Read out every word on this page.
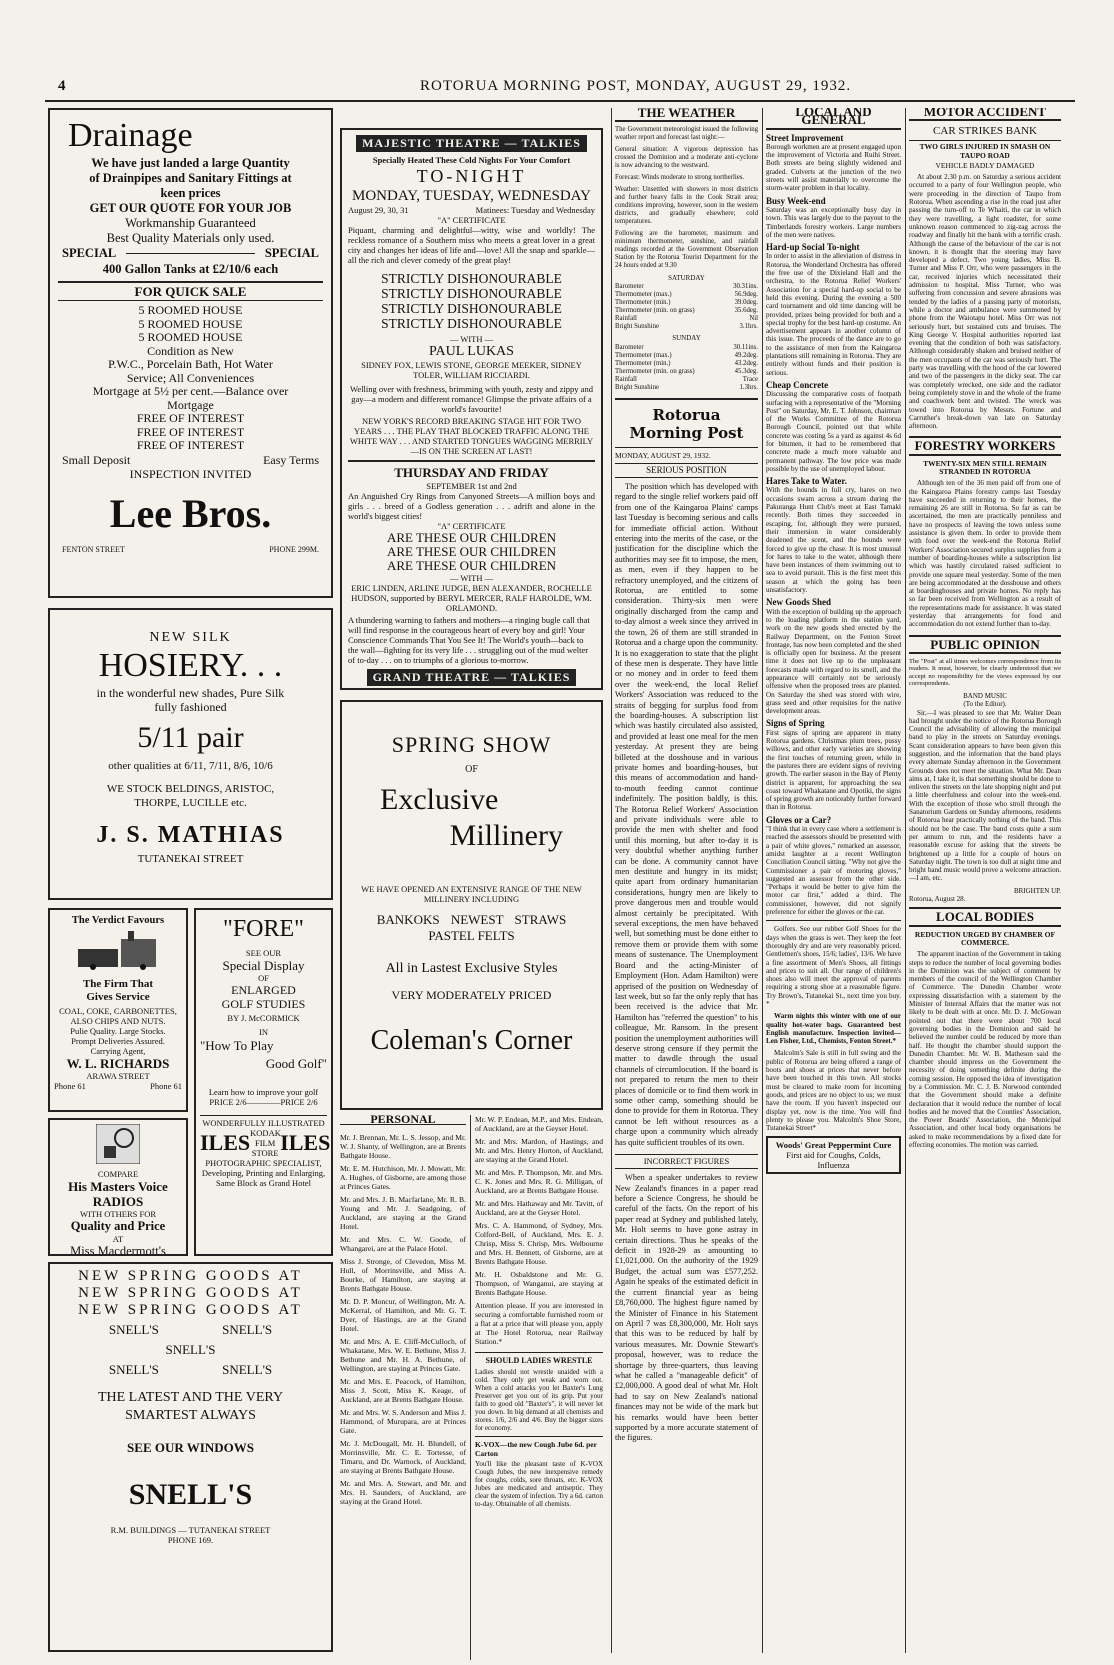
4	ROTORUA MORNING POST, MONDAY, AUGUST 29, 1932.
Drainage
We have just landed a large Quantity
of Drainpipes and Sanitary Fittings at
keen prices
GET OUR QUOTE FOR YOUR JOB
Workmanship Guaranteed
Best Quality Materials only used.
SPECIAL	SPECIAL
400 Gallon Tanks at £2/10/6 each
FOR QUICK SALE
5 ROOMED HOUSE
5 ROOMED HOUSE
5 ROOMED HOUSE
Condition as New
P.W.C., Porcelain Bath, Hot Water
Service; All Conveniences
Mortgage at 5½ per cent.—Balance over
Mortgage
FREE OF INTEREST
FREE OF INTEREST
FREE OF INTEREST
Small Deposit	Easy Terms
INSPECTION INVITED
Lee Bros.
FENTON STREET	PHONE 299M.
NEW SILK
HOSIERY. . .
in the wonderful new shades, Pure Silk
fully fashioned
5/11 pair
other qualities at 6/11, 7/11, 8/6, 10/6
WE STOCK BELDINGS, ARISTOC,
THORPE, LUCILLE etc.
J. S. MATHIAS
TUTANEKAI STREET
The Verdict Favours
The Firm That
Gives Service
COAL, COKE, CARBONETTES, ALSO CHIPS AND NUTS.
Pulie Quality. Large Stocks.
Prompt Deliveries Assured.
Carrying Agent,
W. L. RICHARDS
ARAWA STREET
Phone 61	Phone 61
COMPARE
His Masters Voice
RADIOS
WITH OTHERS FOR
Quality and Price
AT
Miss Macdermott's
"FORE"
SEE OUR
Special Display
OF
ENLARGED
GOLF STUDIES
BY J. McCORMICK
IN
"How To Play
Good Golf"
Learn how to improve your golf
PRICE 2/6————PRICE 2/6
WONDERFULLY ILLUSTRATED
ILES KODAK FILM STORE ILES
PHOTOGRAPHIC SPECIALIST,
Developing, Printing and Enlarging,
Same Block as Grand Hotel
NEW SPRING GOODS AT
NEW SPRING GOODS AT
NEW SPRING GOODS AT
SNELL'S SNELL'S
SNELL'S
SNELL'S SNELL'S
THE LATEST AND THE VERY
SMARTEST ALWAYS
SEE OUR WINDOWS
SNELL'S
R.M. BUILDINGS — TUTANEKAI STREET
PHONE 169.
MAJESTIC THEATRE — TALKIES
Specially Heated These Cold Nights For Your Comfort
TO-NIGHT
MONDAY, TUESDAY, WEDNESDAY
August 29, 30, 31	Matinees: Tuesday and Wednesday
"A" CERTIFICATE
Piquant, charming and delightful—witty, wise and worldly! The reckless romance of a Southern miss who meets a great lover in a great city and changes her ideas of life and—love! All the snap and sparkle—all the rich and clever comedy of the great play!
STRICTLY DISHONOURABLE
STRICTLY DISHONOURABLE
STRICTLY DISHONOURABLE
STRICTLY DISHONOURABLE
— WITH —
PAUL LUKAS
SIDNEY FOX, LEWIS STONE, GEORGE MEEKER, SIDNEY TOLER, WILLIAM RICCIARDI.
Welling over with freshness, brimming with youth, zesty and zippy and gay—a modern and different romance! Glimpse the private affairs of a world's favourite!
NEW YORK'S RECORD BREAKING STAGE HIT FOR TWO YEARS . . . THE PLAY THAT BLOCKED TRAFFIC ALONG THE WHITE WAY . . . AND STARTED TONGUES WAGGING MERRILY—IS ON THE SCREEN AT LAST!
THURSDAY AND FRIDAY
SEPTEMBER 1st and 2nd
An Anguished Cry Rings from Canyoned Streets—A million boys and girls . . . breed of a Godless generation . . . adrift and alone in the world's biggest cities!
"A" CERTIFICATE
ARE THESE OUR CHILDREN
ARE THESE OUR CHILDREN
ARE THESE OUR CHILDREN
— WITH —
ERIC LINDEN, ARLINE JUDGE, BEN ALEXANDER, ROCHELLE HUDSON, supported by BERYL MERCER, RALF HAROLDE, WM. ORLAMOND.
A thundering warning to fathers and mothers—a ringing bugle call that will find response in the courageous heart of every boy and girl! Your Conscience Commands That You See It! The World's youth—back to the wall—fighting for its very life . . . struggling out of the mud welter of to-day . . . on to triumphs of a glorious to-morrow.
GRAND THEATRE — TALKIES
SPRING SHOW
OF
Exclusive
Millinery
WE HAVE OPENED AN EXTENSIVE RANGE OF THE NEW
MILLINERY INCLUDING
BANKOKS NEWEST STRAWS
PASTEL FELTS
All in Lastest Exclusive Styles
VERY MODERATELY PRICED
Coleman's Corner
PERSONAL

Mr. J. Brennan, Mr. L. S. Jessop, and Mr. W. J. Shanty, of Wellington, are at Brents Bathgate House.

Mr. E. M. Hutchison, Mr. J. Mowatt, Mr. A. Hughes, of Gisborne, are among those at Princes Gates.

Mr. and Mrs. J. B. Macfarlane, Mr. R. B. Young and Mr. J. Seadgoing, of Auckland, are staying at the Grand Hotel.

Mr. and Mrs. C. W. Goode, of Whangarei, are at the Palace Hotel.

Miss J. Stronge, of Clevedon, Miss M. Hull, of Morrinsville, and Miss A. Bourke, of Hamilton, are staying at Brents Bathgate House.

Mr. D. P. Moncur, of Wellington, Mr. A. McKerral, of Hamilton, and Mr. G. T. Dyer, of Hastings, are at the Grand Hotel.

Mr. and Mrs. A. E. Cliff-McCulloch, of Whakatane, Mrs. W. E. Bethune, Miss J. Bethune and Mr. H. A. Bethune, of Wellington, are staying at Princes Gate.

Mr. and Mrs. E. Peacock, of Hamilton, Miss J. Scott, Miss K. Keage, of Auckland, are at Brents Bathgate House.

Mr. and Mrs. W. S. Anderson and Miss J. Hammond, of Murupara, are at Princes Gate.

Mr. J. McDougall, Mr. H. Blundell, of Morrinsville, Mr. C. E. Tortesse, of Timaru, and Dr. Warnock, of Auckland, are staying at Brents Bathgate House.

Mr. and Mrs. A. Stewart, and Mr. and Mrs. H. Saunders, of Auckland, are staying at the Grand Hotel.

Mr. W. P. Endean, M.P., and Mrs. Endean, of Auckland, are at the Geyser Hotel.

Mr. and Mrs. Mardon, of Hastings, and Mr. and Mrs. Henry Horton, of Auckland, are staying at the Grand Hotel.

Mr. and Mrs. P. Thompson, Mr. and Mrs. C. K. Jones and Mrs. R. G. Milligan, of Auckland, are at Brents Bathgate House.

Mr. and Mrs. Hathaway and Mr. Tavitt, of Auckland, are at the Geyser Hotel.

Mrs. C. A. Hammond, of Sydney, Mrs. Colford-Bell, of Auckland, Mrs. E. J. Chrisp, Miss S. Chrisp, Mrs. Welbourne and Mrs. H. Bennett, of Gisborne, are at Brents Bathgate House.

Mr. H. Osbaldstone and Mr. G. Thompson, of Wanganui, are staying at Brents Bathgate House.

Attention please. If you are interested in securing a comfortable furnished room or a flat at a price that will please you, apply at The Hotel Rotorua, near Railway Station.*

SHOULD LADIES WRESTLE

Ladies should not wrestle unaided with a cold. They only get weak and worn out. When a cold attacks you let Baxter's Lung Preserver get you out of its grip. Put your faith to good old "Baxter's", it will never let you down. In big demand at all chemists and stores. 1/6, 2/6 and 4/6. Buy the bigger sizes for economy.

K-VOX—the new Cough Jube 6d. per Carton

You'll like the pleasant taste of K-VOX Cough Jubes, the new inexpensive remedy for coughs, colds, sore throats, etc. K-VOX Jubes are medicated and antiseptic. They clear the system of infection. Try a 6d. carton to-day. Obtainable of all chemists.

THE WEATHER

The Government meteorologist issued the following weather report and forecast last night:—

General situation: A vigorous depression has crossed the Dominion and a moderate anti-cyclone is now advancing to the westward.

Forecast: Winds moderate to strong northerlies.

Weather: Unsettled with showers in most districts and further heavy falls in the Cook Strait area; conditions improving, however, soon in the western districts, and gradually elsewhere; cold temperatures.

Following are the barometer, maximum and minimum thermometer, sunshine, and rainfall readings recorded at the Government Observation Station by the Rotorua Tourist Department for the 24 hours ended at 9.30

SATURDAY
Barometer	30.31ins.
Thermometer (max.)	56.9deg.
Thermometer (min.)	39.0deg.
Thermometer (min. on grass)	35.6deg.
Rainfall	Nil
Bright Sunshine	3.1hrs.
SUNDAY
Barometer	30.11ins.
Thermometer (max.)	49.2deg.
Thermometer (min.)	43.2deg.
Thermometer (min. on grass)	45.3deg.
Rainfall	Trace
Bright Sunshine	1.3hrs.
Rotorua Morning Post
MONDAY, AUGUST 29, 1932.
SERIOUS POSITION

The position which has developed with regard to the single relief workers paid off from one of the Kaingaroa Plains' camps last Tuesday is becoming serious and calls for immediate official action. Without entering into the merits of the case, or the justification for the discipline which the authorities may see fit to impose, the men, as men, even if they happen to be refractory unemployed, and the citizens of Rotorua, are entitled to some consideration. Thirty-six men were originally discharged from the camp and to-day almost a week since they arrived in the town, 26 of them are still stranded in Rotorua and a charge upon the community. It is no exaggeration to state that the plight of these men is desperate. They have little or no money and in order to feed them over the week-end, the local Relief Workers' Association was reduced to the straits of begging for surplus food from the boarding-houses. A subscription list which was hastily circulated also assisted, and provided at least one meal for the men yesterday. At present they are being billeted at the dosshouse and in various private homes and boarding-houses, but this means of accommodation and hand-to-mouth feeding cannot continue indefinitely. The position baldly, is this. The Rotorua Relief Workers' Association and private individuals were able to provide the men with shelter and food until this morning, but after to-day it is very doubtful whether anything further can be done. A community cannot have men destitute and hungry in its midst; quite apart from ordinary humanitarian considerations, hungry men are likely to prove dangerous men and trouble would almost certainly be precipitated. With several exceptions, the men have behaved well, but something must be done either to remove them or provide them with some means of sustenance. The Unemployment Board and the acting-Minister of Employment (Hon. Adam Hamilton) were apprised of the position on Wednesday of last week, but so far the only reply that has been received is the advice that Mr. Hamilton has "referred the question" to his colleague, Mr. Ransom. In the present position the unemployment authorities will deserve strong censure if they permit the matter to dawdle through the usual channels of circumlocution. If the board is not prepared to return the men to their places of domicile or to find them work in some other camp, something should be done to provide for them in Rotorua. They cannot be left without resources as a charge upon a community which already has quite sufficient troubles of its own.

INCORRECT FIGURES

When a speaker undertakes to review New Zealand's finances in a paper read before a Science Congress, he should be careful of the facts. On the report of his paper read at Sydney and published lately, Mr. Holt seems to have gone astray in certain directions. Thus he speaks of the deficit in 1928-29 as amounting to £1,021,000. On the authority of the 1929 Budget, the actual sum was £577,252. Again he speaks of the estimated deficit in the current financial year as being £8,760,000. The highest figure named by the Minister of Finance in his Statement on April 7 was £8,300,000, Mr. Holt says that this was to be reduced by half by various measures. Mr. Downie Stewart's proposal, however, was to reduce the shortage by three-quarters, thus leaving what he called a "manageable deficit" of £2,000,000. A good deal of what Mr. Holt had to say on New Zealand's national finances may not be wide of the mark but his remarks would have been better supported by a more accurate statement of the figures.

LOCAL AND GENERAL
Street Improvement

Borough workmen are at present engaged upon the improvement of Victoria and Ruihi Street. Both streets are being slightly widened and graded. Culverts at the junction of the two streets will assist materially to overcome the storm-water problem in that locality.

Busy Week-end

Saturday was an exceptionally busy day in town. This was largely due to the payout to the Timberlands forestry workers. Large numbers of the men were natives.

Hard-up Social To-night

In order to assist in the alleviation of distress in Rotorua, the Wonderland Orchestra has offered the free use of the Dixieland Hall and the orchestra, to the Rotorua Relief Workers' Association for a special hard-up social to be held this evening. During the evening a 500 card tournament and old time dancing will be provided, prizes being provided for both and a special trophy for the best hard-up costume. An advertisement appears in another column of this issue. The proceeds of the dance are to go to the assistance of men from the Kaingaroa plantations still remaining in Rotorua. They are entirely without funds and their position is serious.

Cheap Concrete

Discussing the comparative costs of footpath surfacing with a representative of the "Morning Post" on Saturday, Mr. E. T. Johnson, chairman of the Works Committee of the Rotorua Borough Council, pointed out that while concrete was costing 5s a yard as against 4s 6d for bitumen, it had to be remembered that concrete made a much more valuable and permanent pathway. The low price was made possible by the use of unemployed labour.

Hares Take to Water.

With the hounds in full cry, hares on two occasions swam across a stream during the Pakuranga Hunt Club's meet at East Tamaki recently. Both times they succeeded in escaping, for, although they were pursued, their immersion in water considerably deadened the scent, and the hounds were forced to give up the chase. It is most unusual for hares to take to the water, although there have been instances of them swimming out to sea to avoid pursuit. This is the first meet this season at which the going has been unsatisfactory.

New Goods Shed

With the exception of building up the approach to the loading platform in the station yard, work on the new goods shed erected by the Railway Department, on the Fenton Street frontage, has now been completed and the shed is officially open for business. At the present time it does not live up to the unpleasant forecasts made with regard to its smell, and the appearance will certainly not be seriously offensive when the proposed trees are planted. On Saturday the shed was stored with wire, grass seed and other requisites for the native development areas.

Signs of Spring

First signs of spring are apparent in many Rotorua gardens. Christmas plum trees, pussy willows, and other early varieties are showing the first touches of returning green, while in the pastures there are evident signs of reviving growth. The earlier season in the Bay of Plenty district is apparent, for approaching the sea coast toward Whakatane and Opotiki, the signs of spring growth are noticeably further forward than in Rotorua.

Gloves or a Car?

"I think that in every case where a settlement is reached the assessors should be presented with a pair of white gloves," remarked an assessor, amidst laughter at a recent Wellington Conciliation Council sitting. "Why not give the Commissioner a pair of motoring gloves," suggested an assessor from the other side. "Perhaps it would be better to give him the motor car first," added a third. The commissioner, however, did not signify preference for either the gloves or the car.

Golfers. See our rubber Golf Shoes for the days when the grass is wet. They keep the feet thoroughly dry and are very reasonably priced. Gentlemen's shoes, 15/6; ladies', 13/6. We have a fine assortment of Men's Shoes, all fittings and prices to suit all. Our range of children's shoes also will meet the approval of parents requiring a strong shoe at a reasonable figure. Try Brown's, Tutanekai St., next time you buy. *

Warm nights this winter with one of our quality hot-water bags. Guaranteed best English manufacture. Inspection invited—Len Fisher, Ltd., Chemists, Fenton Street.*

Malcolm's Sale is still in full swing and the public of Rotorua are being offered a range of boots and shoes at prices that never before have been touched in this town. All stocks must be cleared to make room for incoming goods, and prices are no object to us; we must have the room. If you haven't inspected our display yet, now is the time. You will find plenty to please you. Malcolm's Shoe Store, Tutanekai Street*

Woods' Great Peppermint Cure
First aid for Coughs, Colds,
Influenza
MOTOR ACCIDENT
CAR STRIKES BANK
TWO GIRLS INJURED IN SMASH ON TAUPO ROAD
VEHICLE BADLY DAMAGED

At about 2.30 p.m. on Saturday a serious accident occurred to a party of four Wellington people, who were proceeding in the direction of Taupo from Rotorua. When ascending a rise in the road just after passing the turn-off to Te Whaiti, the car in which they were travelling, a light roadster, for some unknown reason commenced to zig-zag across the roadway and finally hit the bank with a terrific crash. Although the cause of the behaviour of the car is not known, it is thought that the steering may have developed a defect. Two young ladies, Miss B. Turner and Miss P. Orr, who were passengers in the car, received injuries which necessitated their admission to hospital. Miss Turner, who was suffering from concussion and severe abrasions was tended by the ladies of a passing party of motorists, while a doctor and ambulance were summoned by phone from the Waiotapu hotel. Miss Orr was not seriously hurt, but sustained cuts and bruises. The King George V. Hospital authorities reported last evening that the condition of both was satisfactory. Although considerably shaken and bruised neither of the men occupants of the car was seriously hurt. The party was travelling with the hood of the car lowered and two of the passengers in the dicky seat. The car was completely wrecked, one side and the radiator being completely stove in and the whole of the frame and coachwork bent and twisted. The wreck was towed into Rotorua by Messrs. Fortune and Carruther's break-down van late on Saturday afternoon.

FORESTRY WORKERS
TWENTY-SIX MEN STILL REMAIN STRANDED IN ROTORUA

Although ten of the 36 men paid off from one of the Kaingaroa Plains forestry camps last Tuesday have succeeded in returning to their homes, the remaining 26 are still in Rotorua. So far as can be ascertained, the men are practically penniless and have no prospects of leaving the town unless some assistance is given them. In order to provide them with food over the week-end the Rotorua Relief Workers' Association secured surplus supplies from a number of boarding-houses while a subscription list which was hastily circulated raised sufficient to provide one square meal yesterday. Some of the men are being accommodated at the dosshouse and others at boardinghouses and private homes. No reply has so far been received from Wellington as a result of the representations made for assistance. It was stated yesterday that arrangements for food and accommodation do not extend further than to-day.

PUBLIC OPINION

The "Post" at all times welcomes correspondence from its readers. It must, however, be clearly understood that we accept no responsibility for the views expressed by our correspondents.

BAND MUSIC
(To the Editor).

Sir,—I was pleased to see that Mr. Walter Dean had brought under the notice of the Rotorua Borough Council the advisability of allowing the municipal band to play in the streets on Saturday evenings. Scant consideration appears to have been given this suggestion, and the information that the band plays every alternate Sunday afternoon in the Government Grounds does not meet the situation. What Mr. Dean aims at, I take it, is that something should be done to enliven the streets on the late shopping night and put a little cheerfulness and colour into the week-end. With the exception of those who stroll through the Sanatorium Gardens on Sunday afternoons, residents of Rotorua hear practically nothing of the band. This should not be the case. The band costs quite a sum per annum to run, and the residents have a reasonable excuse for asking that the streets be brightened up a little for a couple of hours on Saturday night. The town is too dull at night time and bright band music would prove a welcome attraction.—I am, etc.

BRIGHTEN UP.
Rotorua, August 28.
LOCAL BODIES
REDUCTION URGED BY CHAMBER OF COMMERCE.

The apparent inaction of the Government in taking steps to reduce the number of local governing bodies in the Dominion was the subject of comment by members of the council of the Wellington Chamber of Commerce. The Dunedin Chamber wrote expressing dissatisfaction with a statement by the Minister of Internal Affairs that the matter was not likely to be dealt with at once. Mr. D. J. McGowan pointed out that there were about 700 local governing bodies in the Dominion and said he believed the number could be reduced by more than half. He thought the chamber should support the Dunedin Chamber. Mr. W. B. Matheson said the chamber should impress on the Government the necessity of doing something definite during the coming session. He opposed the idea of investigation by a Commission. Mr. C. J. B. Norwood contended that the Government should make a definite declaration that it would reduce the number of local bodies and he moved that the Counties' Association, the Power Boards' Association, the Municipal Association, and other local body organisations be asked to make recommendations by a fixed date for effecting economies. The motion was carried.
